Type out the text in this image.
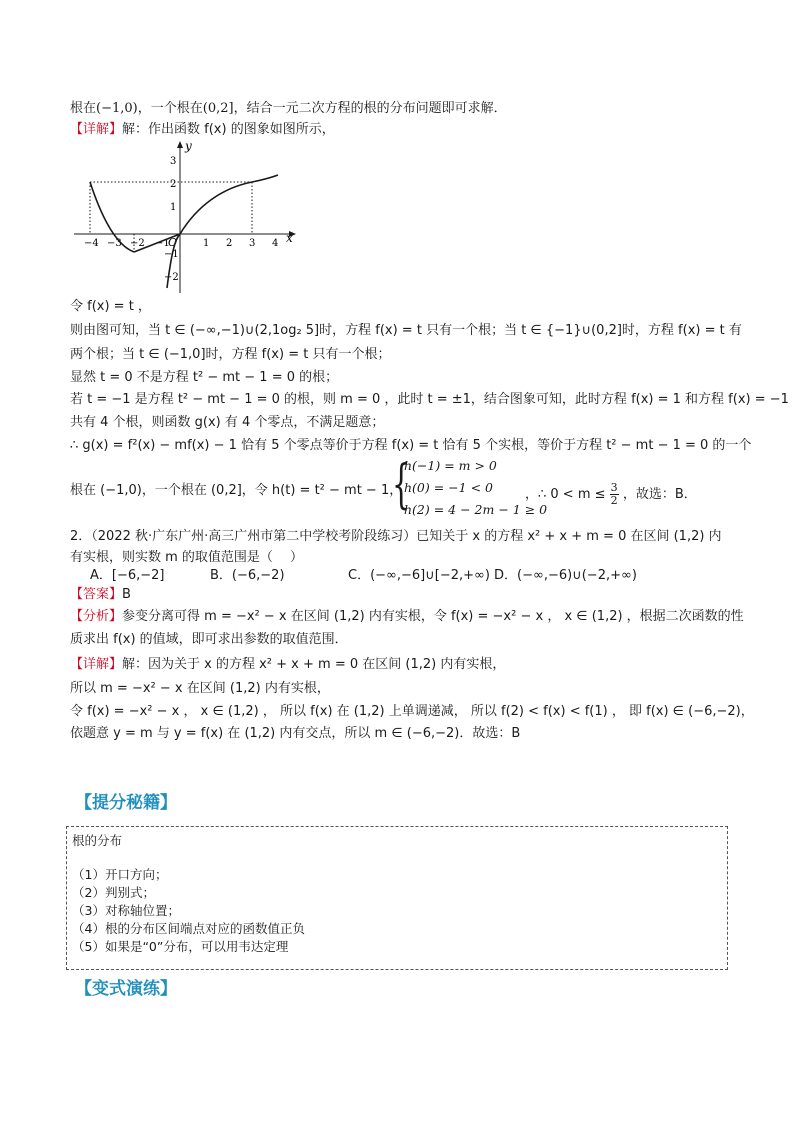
根在(−1,0)，一个根在(0,2]，结合一元二次方程的根的分布问题即可求解．
【详解】解：作出函数 f(x) 的图象如图所示，
x
y
O
−4 −3 −2 −1	1 2 3 4
3
2
1
−1
−2
令 f(x) = t ，
则由图可知，当 t ∈ (−∞,−1)∪(2,1og₂ 5]时，方程 f(x) = t 只有一个根；当 t ∈ {−1}∪(0,2]时，方程 f(x) = t 有
两个根；当 t ∈ (−1,0]时，方程 f(x) = t 只有一个根；
显然 t = 0 不是方程 t² − mt − 1 = 0 的根；
若 t = −1 是方程 t² − mt − 1 = 0 的根，则 m = 0 ，此时 t = ±1，结合图象可知，此时方程 f(x) = 1 和方程 f(x) = −1
共有 4 个根，则函数 g(x) 有 4 个零点，不满足题意；
∴ g(x) = f²(x) − mf(x) − 1 恰有 5 个零点等价于方程 f(x) = t 恰有 5 个实根，等价于方程 t² − mt − 1 = 0 的一个
根在 (−1,0)，一个根在 (0,2]，令 h(t) = t² − mt − 1，
{
h(−1) = m > 0
h(0) = −1 < 0
h(2) = 4 − 2m − 1 ≥ 0
，∴ $0 < m \le \frac{3}{2}$ ，故选：B．
2．（2022 秋·广东广州·高三广州市第二中学校考阶段练习）已知关于 x 的方程 x² + x + m = 0 在区间 (1,2) 内
有实根，则实数 m 的取值范围是（　 ）
A．[−6,−2]	B．(−6,−2)	C．(−∞,−6]∪[−2,+∞) D．(−∞,−6)∪(−2,+∞)
【答案】B
【分析】参变分离可得 m = −x² − x 在区间 (1,2) 内有实根，令 f(x) = −x² − x ， x ∈ (1,2) ，根据二次函数的性
质求出 f(x) 的值域，即可求出参数的取值范围．
【详解】解：因为关于 x 的方程 x² + x + m = 0 在区间 (1,2) 内有实根，
所以 m = −x² − x 在区间 (1,2) 内有实根，
令 f(x) = −x² − x ， x ∈ (1,2) ， 所以 f(x) 在 (1,2) 上单调递减， 所以 f(2) < f(x) < f(1) ， 即 f(x) ∈ (−6,−2)，
依题意 y = m 与 y = f(x) 在 (1,2) 内有交点，所以 m ∈ (−6,−2)．故选：B
【提分秘籍】
根的分布
（1）开口方向；
（2）判别式；
（3）对称轴位置；
（4）根的分布区间端点对应的函数值正负
（5）如果是“0”分布，可以用韦达定理
【变式演练】
